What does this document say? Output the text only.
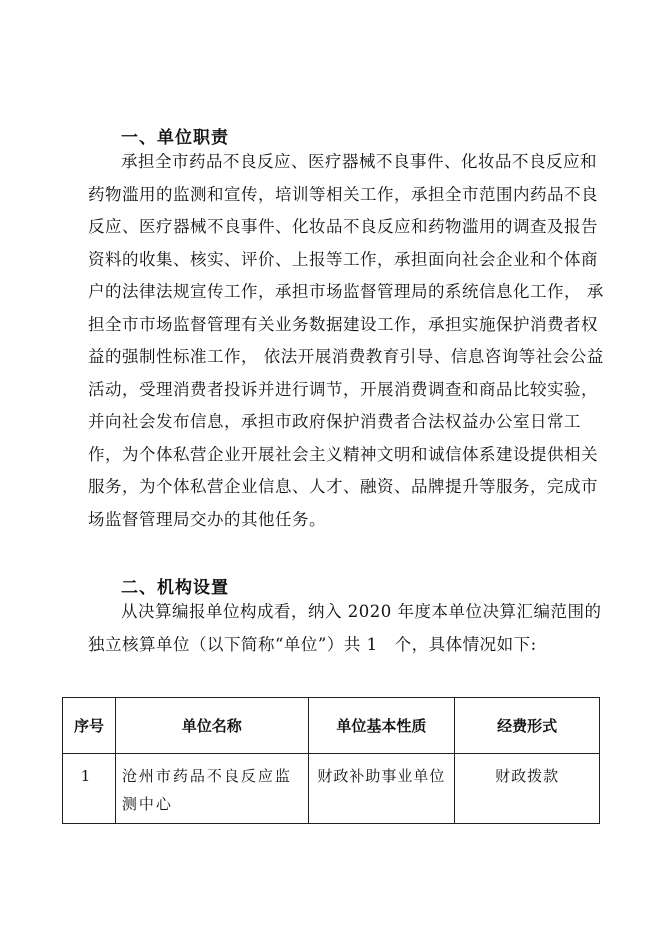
一、单位职责

承担全市药品不良反应、医疗器械不良事件、化妆品不良反应和药物滥用的监测和宣传，培训等相关工作，承担全市范围内药品不良反应、医疗器械不良事件、化妆品不良反应和药物滥用的调查及报告资料的收集、核实、评价、上报等工作，承担面向社会企业和个体商户的法律法规宣传工作，承担市场监督管理局的系统信息化工作， 承担全市市场监督管理有关业务数据建设工作，承担实施保护消费者权益的强制性标准工作， 依法开展消费教育引导、信息咨询等社会公益活动，受理消费者投诉并进行调节，开展消费调查和商品比较实验，并向社会发布信息，承担市政府保护消费者合法权益办公室日常工作，为个体私营企业开展社会主义精神文明和诚信体系建设提供相关服务，为个体私营企业信息、人才、融资、品牌提升等服务，完成市场监督管理局交办的其他任务。

二、机构设置

从决算编报单位构成看，纳入 2020 年度本单位决算汇编范围的独立核算单位（以下简称“单位”）共 1　个，具体情况如下:

序号	单位名称	单位基本性质	经费形式
1	沧州市药品不良反应监测中心	财政补助事业单位	财政拨款
